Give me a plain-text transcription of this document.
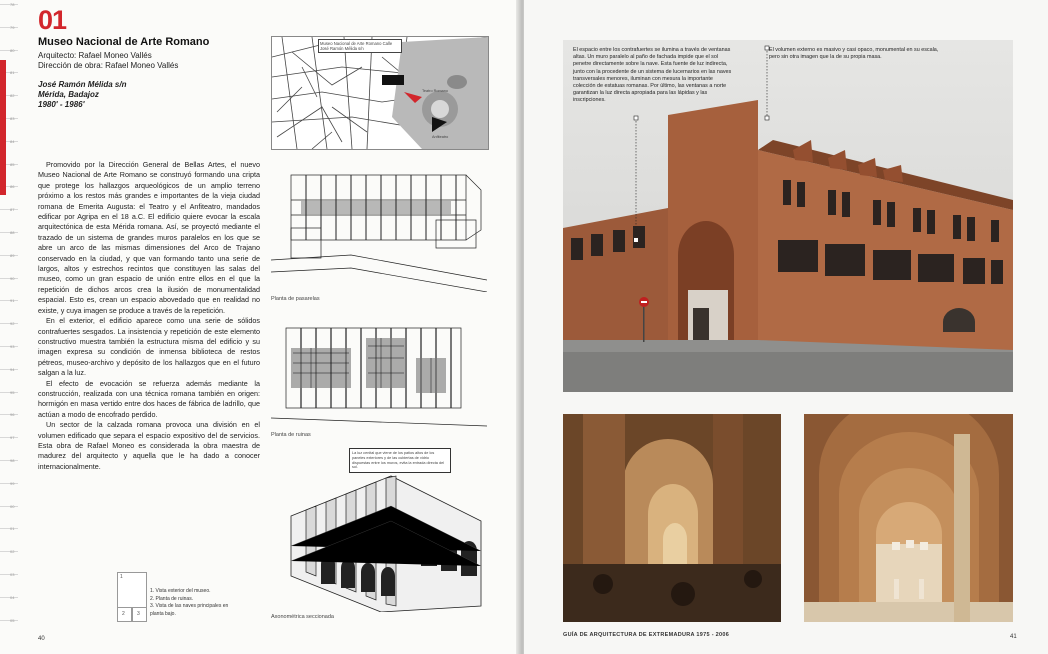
78
79
80
81
82
83
84
85
86
87
88
89
90
91
92
93
94
95
96
97
98
99
00
01
02
03
04
05
01
Museo Nacional de Arte Romano
Arquitecto: Rafael Moneo Vallés
Dirección de obra: Rafael Moneo Vallés
José Ramón Mélida s/n
Mérida, Badajoz
1980' - 1986'

Promovido por la Dirección General de Bellas Artes, el nuevo Museo Nacional de Arte Romano se construyó formando una cripta que protege los hallazgos arqueológicos de un amplio terreno próximo a los restos más grandes e importantes de la vieja ciudad romana de Emerita Augusta: el Teatro y el Anfiteatro, mandados edificar por Agripa en el 18 a.C. El edificio quiere evocar la escala arquitectónica de esta Mérida romana. Así, se proyectó mediante el trazado de un sistema de grandes muros paralelos en los que se abre un arco de las mismas dimensiones del Arco de Trajano conservado en la ciudad, y que van formando tanto una serie de largos, altos y estrechos recintos que constituyen las salas del museo, como un gran espacio de unión entre ellos en el que la repetición de dichos arcos crea la ilusión de monumentalidad espacial. Esto es, crean un espacio abovedado que en realidad no existe, y cuya imagen se produce a través de la repetición.

En el exterior, el edificio aparece como una serie de sólidos contrafuertes sesgados. La insistencia y repetición de este elemento constructivo muestra también la estructura misma del edificio y su imagen expresa su condición de inmensa biblioteca de restos pétreos, museo-archivo y depósito de los hallazgos que en el futuro salgan a la luz.

El efecto de evocación se refuerza además mediante la construcción, realizada con una técnica romana también en origen: hormigón en masa vertido entre dos haces de fábrica de ladrillo, que actúan a modo de encofrado perdido.

Un sector de la calzada romana provoca una división en el volumen edificado que separa el espacio expositivo del de servicios. Esta obra de Rafael Moneo es considerada la obra maestra de madurez del arquitecto y aquella que le ha dado a conocer internacionalmente.

1
2 3
1. Vista exterior del museo.
2. Planta de ruinas.
3. Vista de las naves principales en planta bajo.
Museo Nacional de Arte Romano Calle José Ramón Mélida s/n
Teatro Romano
Anfiteatro
Planta de pasarelas
Planta de ruinas
La luz cenital que viene de los patios altos de los paneles exteriores y de las cubiertas de vidrio dispuestas entre los muros, evita la entrada directa del sol.
Axonométrica seccionada
40
El espacio entre los contrafuertes se ilumina a través de ventanas altas. Un muro paralelo al paño de fachada impide que el sol penetre directamente sobre la nave. Esta fuente de luz indirecta, junto con la procedente de un sistema de lucernarios en las naves transversales menores, iluminan con mesura la importante colección de estatuas romanas. Por último, las ventanas a norte garantizan la luz directa apropiada para las lápidas y las inscripciones.
El volumen externo es masivo y casi opaco, monumental en su escala, pero sin otra imagen que la de su propia masa.
GUÍA DE ARQUITECTURA DE EXTREMADURA 1975 - 2006	41
